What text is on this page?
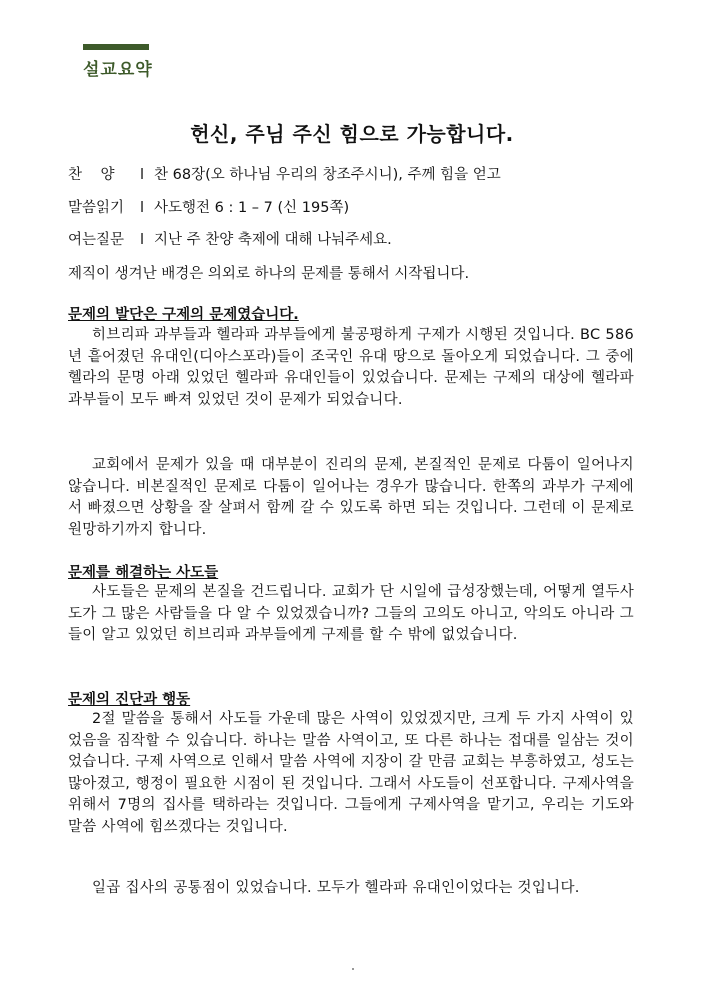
설교요약
헌신, 주님 주신 힘으로 가능합니다.
찬    양 l 찬 68장(오 하나님 우리의 창조주시니), 주께 힘을 얻고
말씀읽기 l 사도행전 6 : 1 – 7 (신 195쪽)
여는질문 l 지난 주 찬양 축제에 대해 나눠주세요.
제직이 생겨난 배경은 의외로 하나의 문제를 통해서 시작됩니다.
문제의 발단은 구제의 문제였습니다.
히브리파 과부들과 헬라파 과부들에게 불공평하게 구제가 시행된 것입니다. BC 586년 흩어졌던 유대인(디아스포라)들이 조국인 유대 땅으로 돌아오게 되었습니다. 그 중에 헬라의 문명 아래 있었던 헬라파 유대인들이 있었습니다. 문제는 구제의 대상에 헬라파 과부들이 모두 빠져 있었던 것이 문제가 되었습니다.
교회에서 문제가 있을 때 대부분이 진리의 문제, 본질적인 문제로 다툼이 일어나지 않습니다. 비본질적인 문제로 다툼이 일어나는 경우가 많습니다. 한쪽의 과부가 구제에서 빠졌으면 상황을 잘 살펴서 함께 갈 수 있도록 하면 되는 것입니다. 그런데 이 문제로 원망하기까지 합니다.
문제를 해결하는 사도들
사도들은 문제의 본질을 건드립니다. 교회가 단 시일에 급성장했는데, 어떻게 열두사도가 그 많은 사람들을 다 알 수 있었겠습니까? 그들의 고의도 아니고, 악의도 아니라 그들이 알고 있었던 히브리파 과부들에게 구제를 할 수 밖에 없었습니다.
문제의 진단과 행동
2절 말씀을 통해서 사도들 가운데 많은 사역이 있었겠지만, 크게 두 가지 사역이 있었음을 짐작할 수 있습니다. 하나는 말씀 사역이고, 또 다른 하나는 접대를 일삼는 것이었습니다. 구제 사역으로 인해서 말씀 사역에 지장이 갈 만큼 교회는 부흥하였고, 성도는 많아졌고, 행정이 필요한 시점이 된 것입니다. 그래서 사도들이 선포합니다. 구제사역을 위해서 7명의 집사를 택하라는 것입니다. 그들에게 구제사역을 맡기고, 우리는 기도와 말씀 사역에 힘쓰겠다는 것입니다.
일곱 집사의 공통점이 있었습니다. 모두가 헬라파 유대인이었다는 것입니다.
